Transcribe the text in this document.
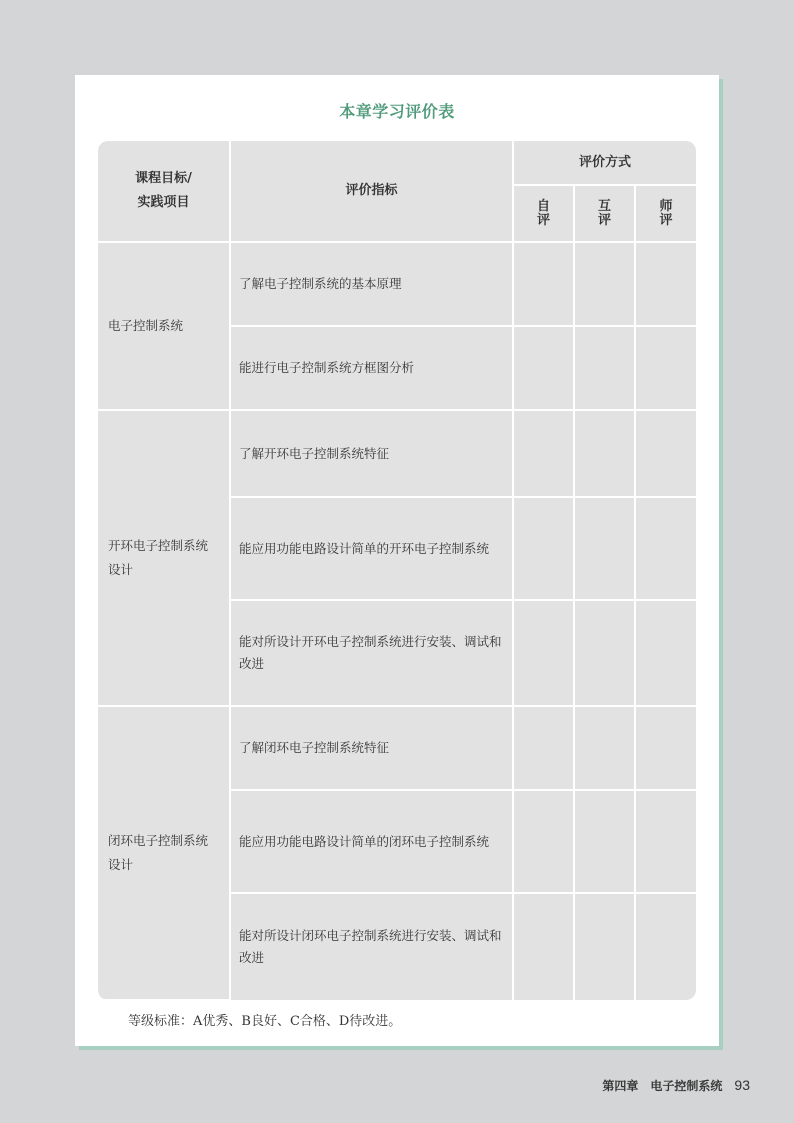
本章学习评价表
课程目标/
实践项目	评价指标	评价方式		

		自评	互评	师评

电子控制系统	了解电子控制系统的基本原理			

	能进行电子控制系统方框图分析			

开环电子控制系统设计	了解开环电子控制系统特征			

	能应用功能电路设计简单的开环电子控制系统			

	能对所设计开环电子控制系统进行安装、调试和改进			

闭环电子控制系统设计	了解闭环电子控制系统特征			

	能应用功能电路设计简单的闭环电子控制系统			

	能对所设计闭环电子控制系统进行安装、调试和改进			

等级标准：A优秀、B良好、C合格、D待改进。
第四章 电子控制系统 93
